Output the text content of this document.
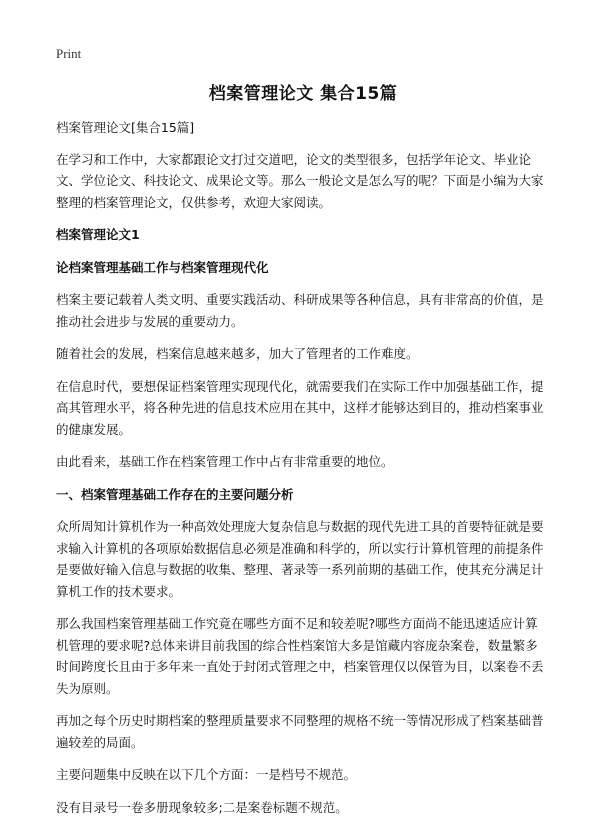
Print
档案管理论文 集合15篇

档案管理论文[集合15篇]

在学习和工作中，大家都跟论文打过交道吧，论文的类型很多，包括学年论文、毕业论文、学位论文、科技论文、成果论文等。那么一般论文是怎么写的呢？下面是小编为大家整理的档案管理论文，仅供参考，欢迎大家阅读。

档案管理论文1
论档案管理基础工作与档案管理现代化

档案主要记载着人类文明、重要实践活动、科研成果等各种信息，具有非常高的价值，是推动社会进步与发展的重要动力。

随着社会的发展，档案信息越来越多，加大了管理者的工作难度。

在信息时代，要想保证档案管理实现现代化，就需要我们在实际工作中加强基础工作，提高其管理水平，将各种先进的信息技术应用在其中，这样才能够达到目的，推动档案事业的健康发展。

由此看来，基础工作在档案管理工作中占有非常重要的地位。

一、档案管理基础工作存在的主要问题分析

众所周知计算机作为一种高效处理庞大复杂信息与数据的现代先进工具的首要特征就是要求输入计算机的各项原始数据信息必须是准确和科学的，所以实行计算机管理的前提条件是要做好输入信息与数据的收集、整理、著录等一系列前期的基础工作，使其充分满足计算机工作的技术要求。

那么我国档案管理基础工作究竟在哪些方面不足和较差呢?哪些方面尚不能迅速适应计算机管理的要求呢?总体来讲目前我国的综合性档案馆大多是馆藏内容庞杂案卷，数量繁多时间跨度长且由于多年来一直处于封闭式管理之中，档案管理仅以保管为目，以案卷不丢失为原则。

再加之每个历史时期档案的整理质量要求不同整理的规格不统一等情况形成了档案基础普遍较差的局面。

主要问题集中反映在以下几个方面：一是档号不规范。

没有目录号一卷多册现象较多;二是案卷标题不规范。
